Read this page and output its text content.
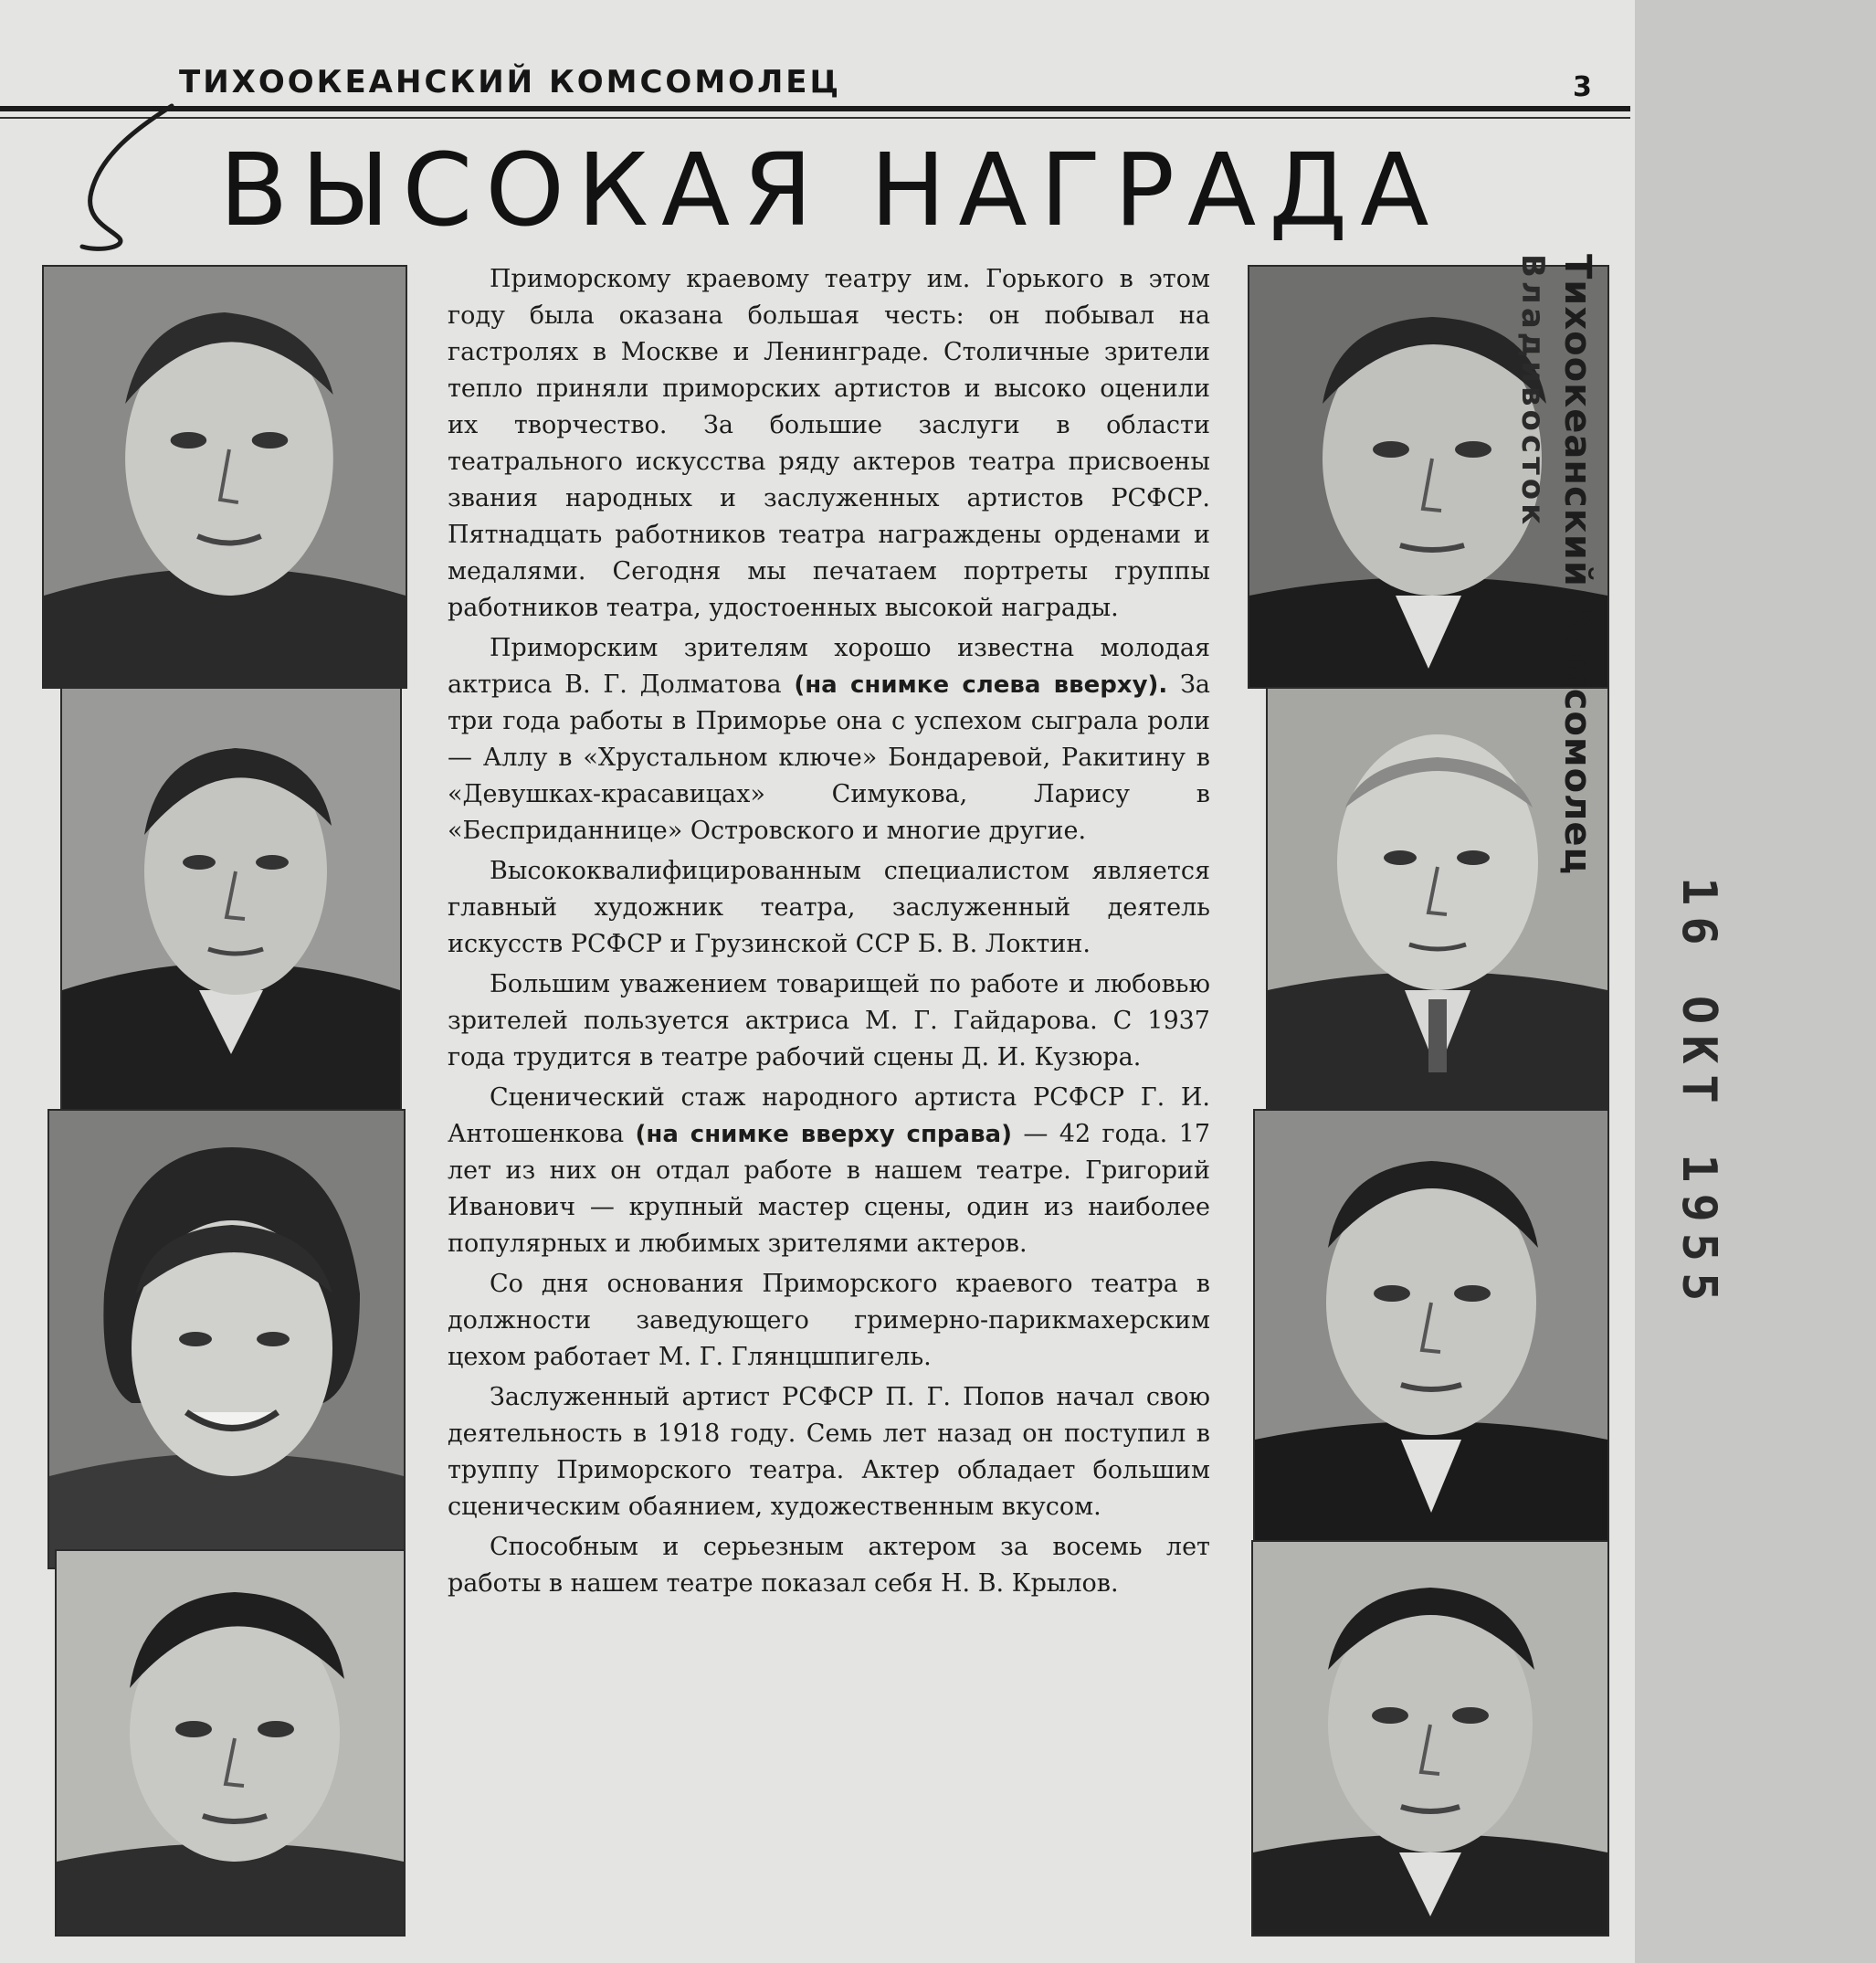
ТИХООКЕАНСКИЙ КОМСОМОЛЕЦ	3
ВЫСОКАЯ НАГРАДА

Приморскому краевому театру им. Горького в этом году была оказана большая честь: он побывал на гастролях в Москве и Ленинграде. Столичные зрители тепло приняли приморских артистов и высоко оценили их творчество. За большие заслуги в области театрального искусства ряду актеров театра присвоены звания народных и заслуженных артистов РСФСР. Пятнадцать работников театра награждены орденами и медалями. Сегодня мы печатаем портреты группы работников театра, удостоенных высокой награды.

Приморским зрителям хорошо известна молодая актриса В. Г. Долматова (на снимке слева вверху). За три года работы в Приморье она с успехом сыграла роли — Аллу в «Хрустальном ключе» Бондаревой, Ракитину в «Девушках-красавицах» Симукова, Ларису в «Бесприданнице» Островского и многие другие.

Высококвалифицированным специалистом является главный художник театра, заслуженный деятель искусств РСФСР и Грузинской ССР Б. В. Локтин.

Большим уважением товарищей по работе и любовью зрителей пользуется актриса М. Г. Гайдарова. С 1937 года трудится в театре рабочий сцены Д. И. Кузюра.

Сценический стаж народного артиста РСФСР Г. И. Антошенкова (на снимке вверху справа) — 42 года. 17 лет из них он отдал работе в нашем театре. Григорий Иванович — крупный мастер сцены, один из наиболее популярных и любимых зрителями актеров.

Со дня основания Приморского краевого театра в должности заведующего гримерно-парикмахерским цехом работает М. Г. Глянцшпигель.

Заслуженный артист РСФСР П. Г. Попов начал свою деятельность в 1918 году. Семь лет назад он поступил в труппу Приморского театра. Актер обладает большим сценическим обаянием, художественным вкусом.

Способным и серьезным актером за восемь лет работы в нашем театре показал себя Н. В. Крылов.

Тихоокеанский Комсомолец
Владивосток
16 ОКТ 1955
